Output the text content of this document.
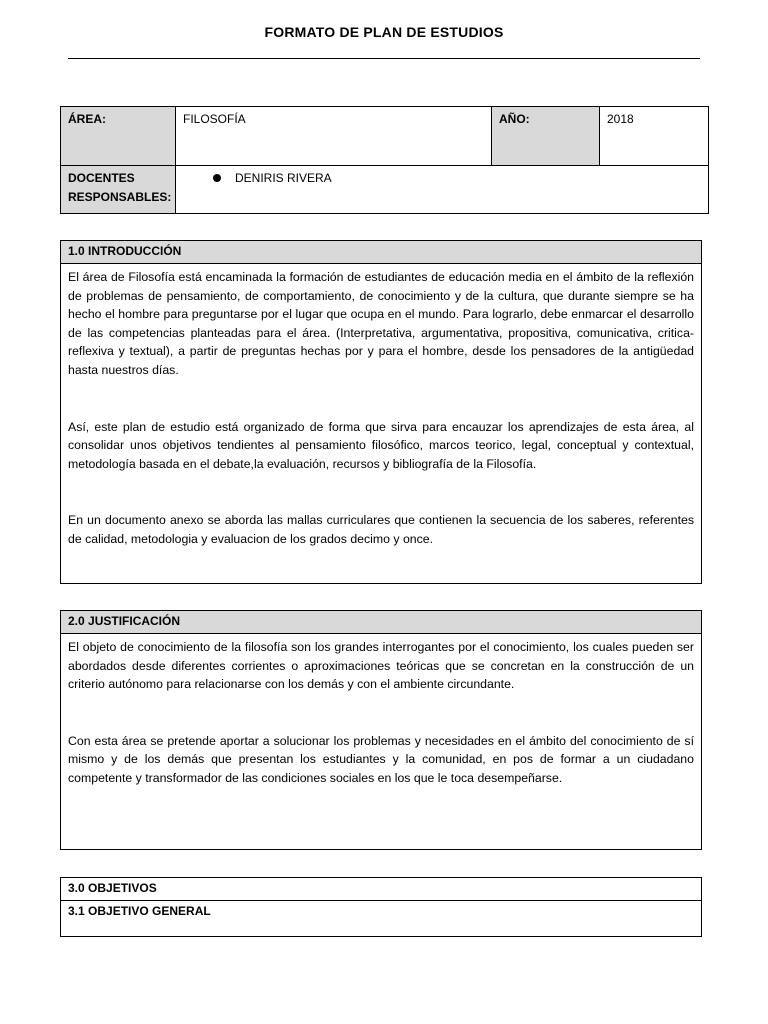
FORMATO DE PLAN DE ESTUDIOS
ÁREA:	FILOSOFÍA	AÑO:	2018
DOCENTES RESPONSABLES:	DENIRIS RIVERA		
1.0 INTRODUCCIÓN

El área de Filosofía está encaminada la formación de estudiantes de educación media en el ámbito de la reflexión de problemas de pensamiento, de comportamiento, de conocimiento y de la cultura, que durante siempre se ha hecho el hombre para preguntarse por el lugar que ocupa en el mundo. Para lograrlo, debe enmarcar el desarrollo de las competencias planteadas para el área. (Interpretativa, argumentativa, propositiva, comunicativa, critica- reflexiva y textual), a partir de preguntas hechas por y para el hombre, desde los pensadores de la antigüedad hasta nuestros días.

Así, este plan de estudio está organizado de forma que sirva para encauzar los aprendizajes de esta área, al consolidar unos objetivos tendientes al pensamiento filosófico, marcos teorico, legal, conceptual y contextual, metodología basada en el debate,la evaluación, recursos y bibliografía de la Filosofía.

En un documento anexo se aborda las mallas curriculares que contienen la secuencia de los saberes, referentes de calidad, metodologia y evaluacion de los grados decimo y once.

2.0 JUSTIFICACIÓN

El objeto de conocimiento de la filosofía son los grandes interrogantes por el conocimiento, los cuales pueden ser abordados desde diferentes corrientes o aproximaciones teóricas que se concretan en la construcción de un criterio autónomo para relacionarse con los demás y con el ambiente circundante.

Con esta área se pretende aportar a solucionar los problemas y necesidades en el ámbito del conocimiento de sí mismo y de los demás que presentan los estudiantes y la comunidad, en pos de formar a un ciudadano competente y transformador de las condiciones sociales en los que le toca desempeñarse.

3.0 OBJETIVOS
3.1 OBJETIVO GENERAL
